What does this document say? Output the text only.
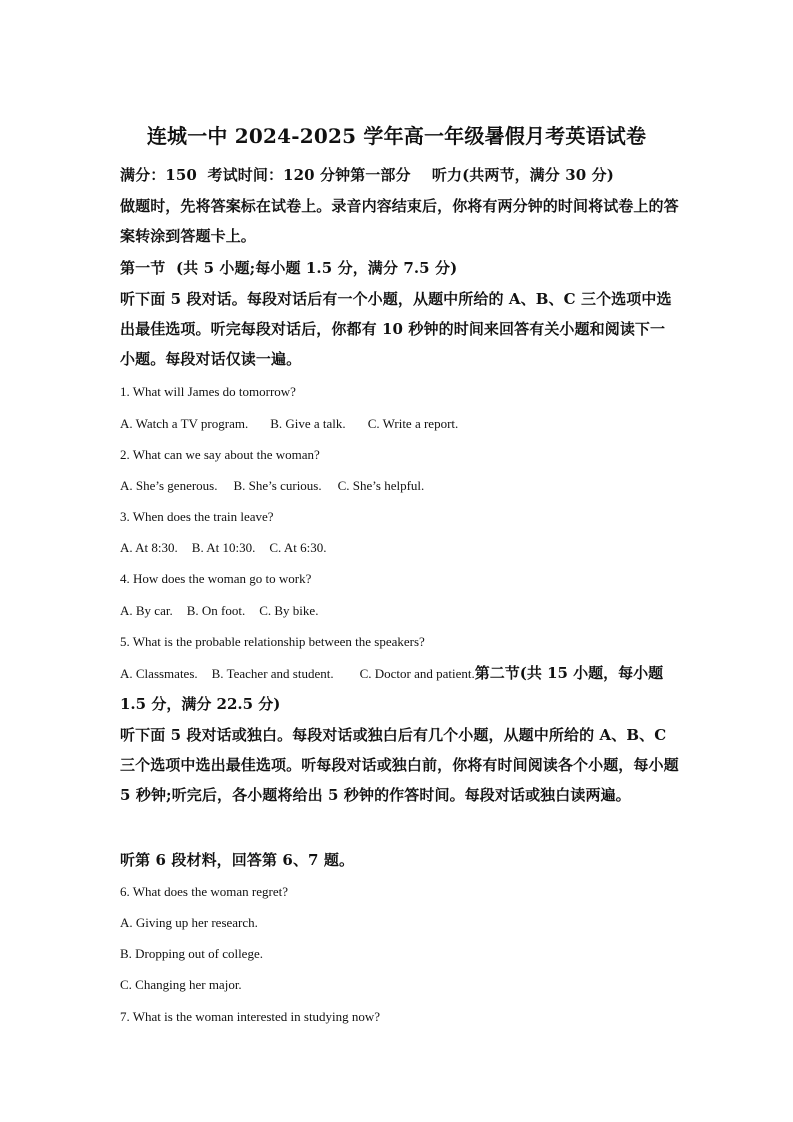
连城一中 2024-2025 学年高一年级暑假月考英语试卷
满分：150  考试时间：120 分钟第一部分    听力(共两节，满分 30 分)
做题时，先将答案标在试卷上。录音内容结束后，你将有两分钟的时间将试卷上的答案转涂到答题卡上。
第一节  (共 5 小题;每小题 1.5 分，满分 7.5 分)
听下面 5 段对话。每段对话后有一个小题，从题中所给的 A、B、C 三个选项中选出最佳选项。听完每段对话后，你都有 10 秒钟的时间来回答有关小题和阅读下一小题。每段对话仅读一遍。
1. What will James do tomorrow?
A. Watch a TV program. B. Give a talk. C. Write a report.
2. What can we say about the woman?
A. She’s generous. B. She’s curious. C. She’s helpful.
3. When does the train leave?
A. At 8:30. B. At 10:30. C. At 6:30.
4. How does the woman go to work?
A. By car. B. On foot. C. By bike.
5. What is the probable relationship between the speakers?
A. Classmates. B. Teacher and student. C. Doctor and patient.第二节(共 15 小题，每小题 1.5 分，满分 22.5 分)
听下面 5 段对话或独白。每段对话或独白后有几个小题，从题中所给的 A、B、C 三个选项中选出最佳选项。听每段对话或独白前，你将有时间阅读各个小题，每小题 5 秒钟;听完后，各小题将给出 5 秒钟的作答时间。每段对话或独白读两遍。
听第 6 段材料，回答第 6、7 题。
6. What does the woman regret?
A. Giving up her research.
B. Dropping out of college.
C. Changing her major.
7. What is the woman interested in studying now?
